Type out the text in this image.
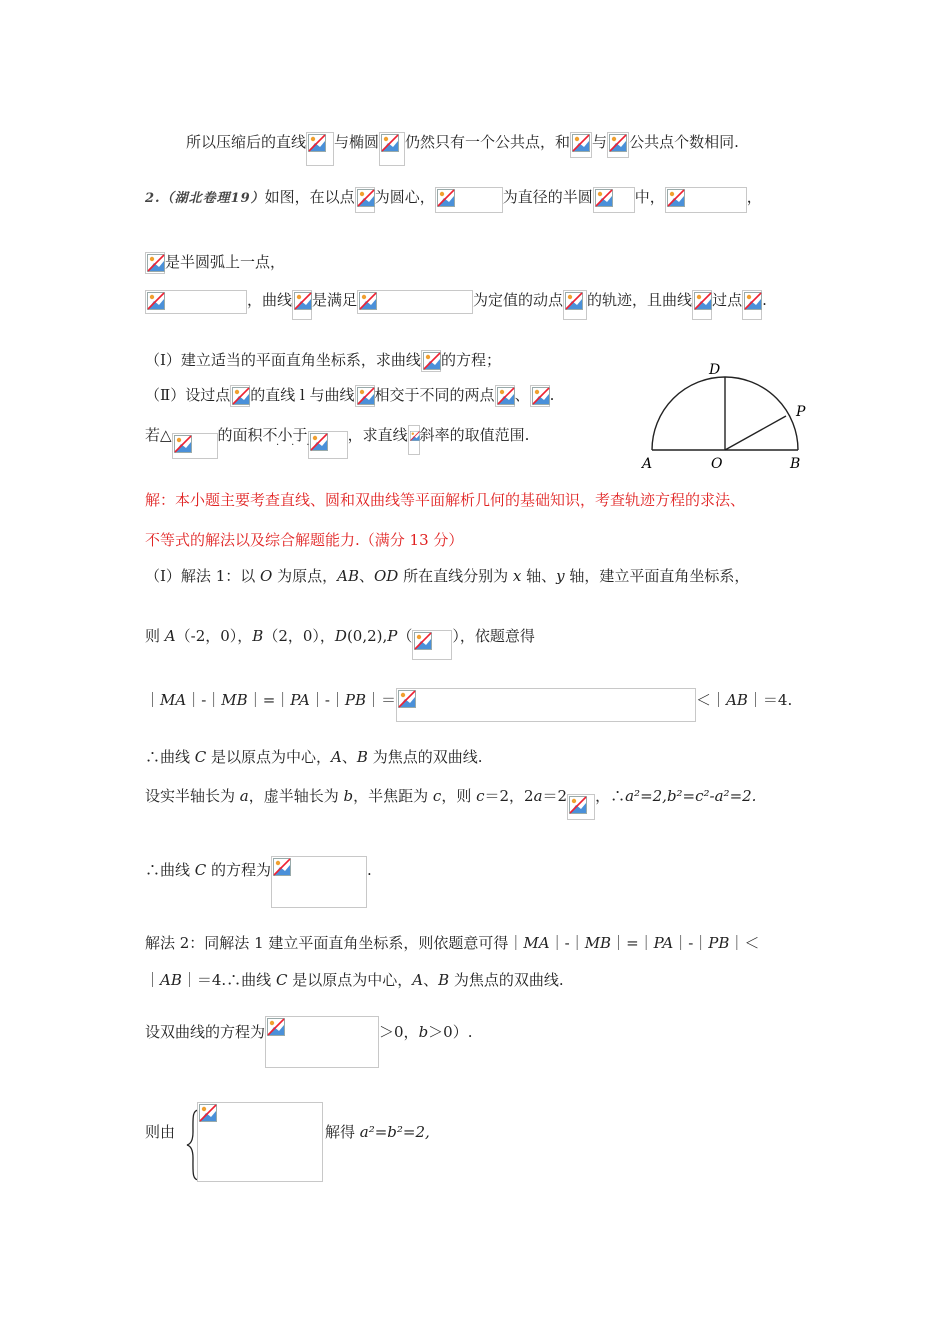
所以压缩后的直线 与椭圆 仍然只有一个公共点，和 与 公共点个数相同.
2.（湖北卷理19）如图，在以点 为圆心，	为直径的半圆	中，	，
是半圆弧上一点，
，曲线 是满足	为定值的动点 的轨迹，且曲线 过点 .
（Ⅰ）建立适当的平面直角坐标系，求曲线 的方程；
（Ⅱ）设过点 的直线 l 与曲线 相交于不同的两点 、 .
若△	的面积不小于	，求直线 斜率的取值范围.
···
D
P
A	O	B
解：本小题主要考查直线、圆和双曲线等平面解析几何的基础知识，考查轨迹方程的求法、
不等式的解法以及综合解题能力.（满分 13 分）
（Ⅰ）解法 1：以 O 为原点，AB、OD 所在直线分别为 x 轴、y 轴，建立平面直角坐标系，
则 A（-2，0），B（2，0），D(0,2),P（	），依题意得
｜MA｜-｜MB｜=｜PA｜-｜PB｜＝	＜｜AB｜＝4.
∴曲线 C 是以原点为中心，A、B 为焦点的双曲线.
设实半轴长为 a，虚半轴长为 b，半焦距为 c，则 c＝2，2a＝2 ，∴a²=2,b²=c²-a²=2.
∴曲线 C 的方程为	.
解法 2：同解法 1 建立平面直角坐标系，则依题意可得｜MA｜-｜MB｜=｜PA｜-｜PB｜＜
｜AB｜＝4.∴曲线 C 是以原点为中心，A、B 为焦点的双曲线.
设双曲线的方程为	＞0，b＞0）.
则由	解得 a²=b²=2,
